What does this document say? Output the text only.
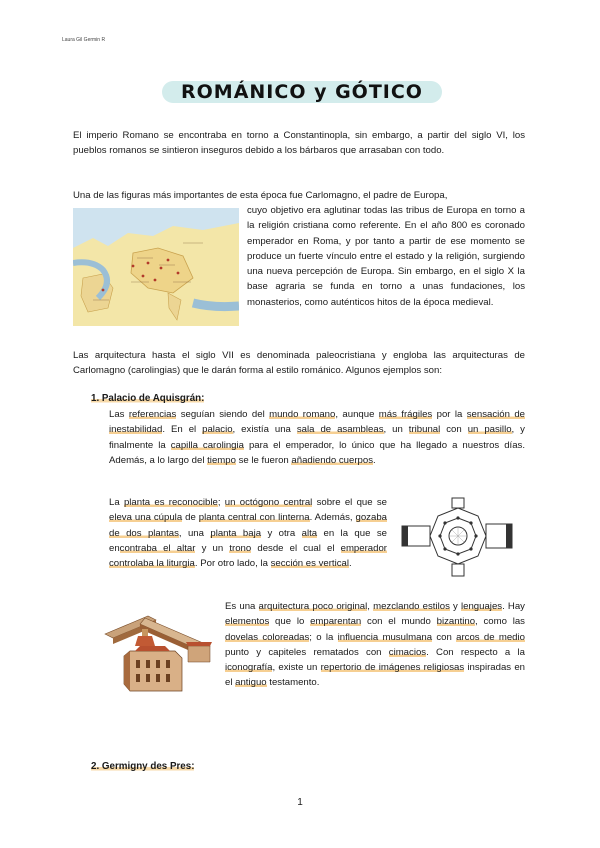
Laura Gil Germin R
ROMÁNICO y GÓTICO

El imperio Romano se encontraba en torno a Constantinopla, sin embargo, a partir del siglo VI, los pueblos romanos se sintieron inseguros debido a los bárbaros que arrasaban con todo.

Una de las figuras más importantes de esta época fue Carlomagno, el padre de Europa,

cuyo objetivo era aglutinar todas las tribus de Europa en torno a la religión cristiana como referente. En el año 800 es coronado emperador en Roma, y por tanto a partir de ese momento se produce un fuerte vínculo entre el estado y la religión, surgiendo una nueva percepción de Europa. Sin embargo, en el siglo X la base agraria se funda en torno a unas fundaciones, los monasterios, como auténticos hitos de la época medieval.

Las arquitectura hasta el siglo VII es denominada paleocristiana y engloba las arquitecturas de Carlomagno (carolingias) que le darán forma al estilo románico. Algunos ejemplos son:

1. Palacio de Aquisgrán:

Las referencias seguían siendo del mundo romano, aunque más frágiles por la sensación de inestabilidad. En el palacio, existía una sala de asambleas, un tribunal con un pasillo, y finalmente la capilla carolingia para el emperador, lo único que ha llegado a nuestros días. Además, a lo largo del tiempo se le fueron añadiendo cuerpos.

La planta es reconocible; un octógono central sobre el que se eleva una cúpula de planta central con linterna. Además, gozaba de dos plantas, una planta baja y otra alta en la que se encontraba el altar y un trono desde el cual el emperador controlaba la liturgia. Por otro lado, la sección es vertical.

Es una arquitectura poco original, mezclando estilos y lenguajes. Hay elementos que lo emparentan con el mundo bizantino, como las dovelas coloreadas; o la influencia musulmana con arcos de medio punto y capiteles rematados con cimacios. Con respecto a la iconografía, existe un repertorio de imágenes religiosas inspiradas en el antiguo testamento.

2. Germigny des Pres:
1
